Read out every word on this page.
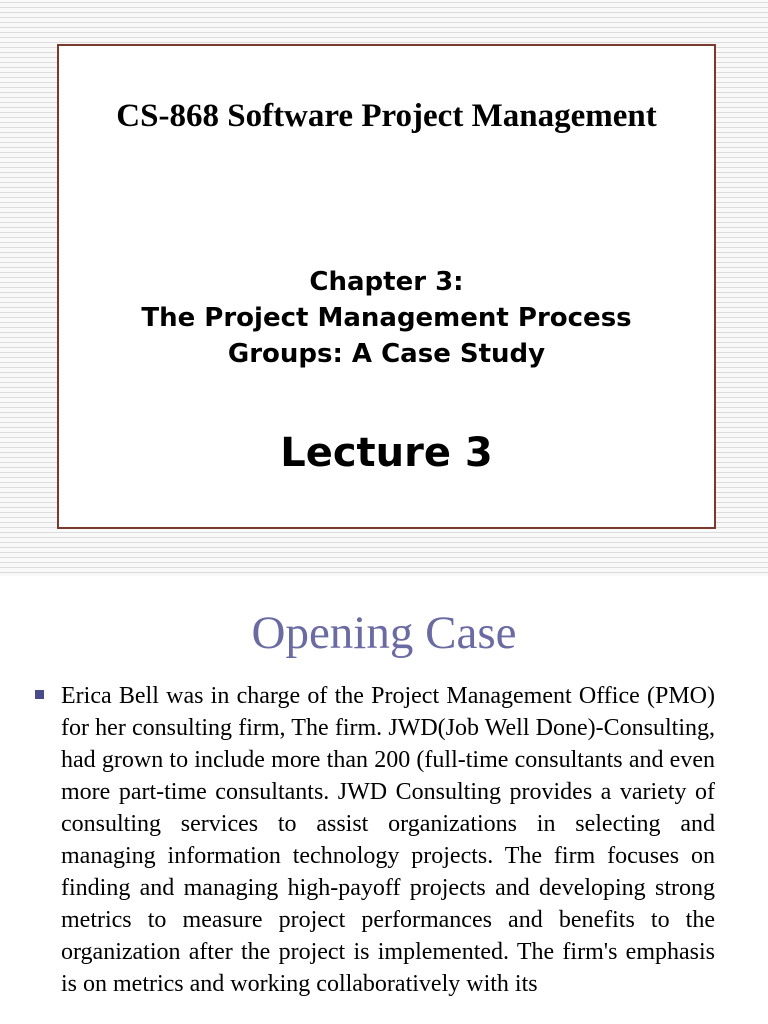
CS-868 Software Project Management
Chapter 3:
The Project Management Process
Groups: A Case Study
Lecture 3
Opening Case
Erica Bell was in charge of the Project Management Office (PMO) for her consulting firm, The firm. JWD(Job Well Done)-Consulting, had grown to include more than 200 (full-time consultants and even more part-time consultants. JWD Consulting provides a variety of consulting services to assist organizations in selecting and managing information technology projects. The firm focuses on finding and managing high-payoff projects and developing strong metrics to measure project performances and benefits to the organization after the project is implemented. The firm's emphasis is on metrics and working collaboratively with its
